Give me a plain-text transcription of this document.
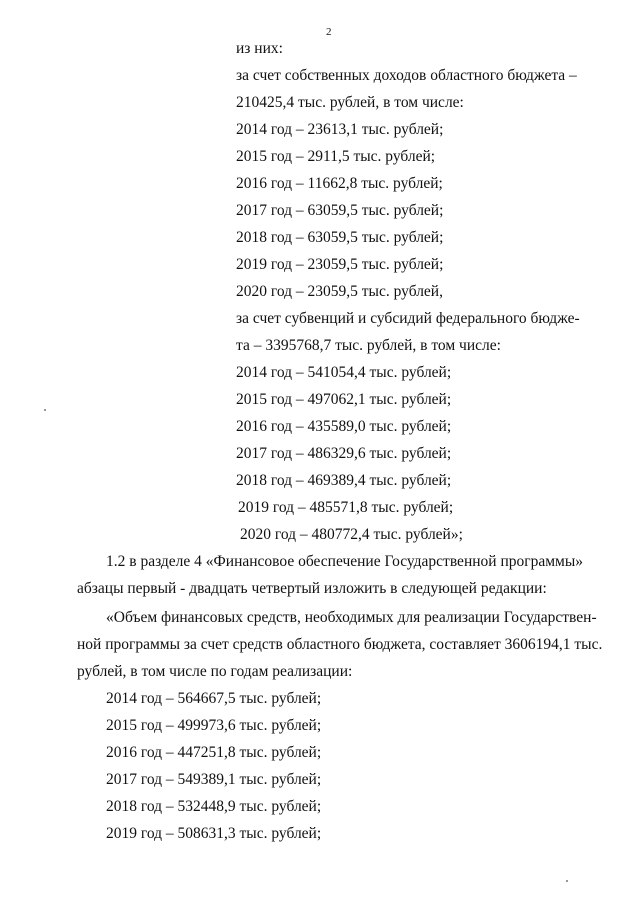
2
из них:
за счет собственных доходов областного бюджета –
210425,4 тыс. рублей, в том числе:
2014 год – 23613,1 тыс. рублей;
2015 год – 2911,5 тыс. рублей;
2016 год – 11662,8 тыс. рублей;
2017 год – 63059,5 тыс. рублей;
2018 год – 63059,5 тыс. рублей;
2019 год – 23059,5 тыс. рублей;
2020 год – 23059,5 тыс. рублей,
за счет субвенций и субсидий федерального бюдже-
та – 3395768,7 тыс. рублей, в том числе:
2014 год – 541054,4 тыс. рублей;
2015 год – 497062,1 тыс. рублей;
2016 год – 435589,0 тыс. рублей;
2017 год – 486329,6 тыс. рублей;
2018 год – 469389,4 тыс. рублей;
2019 год – 485571,8 тыс. рублей;
2020 год – 480772,4 тыс. рублей»;
1.2 в разделе 4 «Финансовое обеспечение Государственной программы»
абзацы первый - двадцать четвертый изложить в следующей редакции:
«Объем финансовых средств, необходимых для реализации Государствен-
ной программы за счет средств областного бюджета, составляет 3606194,1 тыс.
рублей, в том числе по годам реализации:
2014 год – 564667,5 тыс. рублей;
2015 год – 499973,6 тыс. рублей;
2016 год – 447251,8 тыс. рублей;
2017 год – 549389,1 тыс. рублей;
2018 год – 532448,9 тыс. рублей;
2019 год – 508631,3 тыс. рублей;
